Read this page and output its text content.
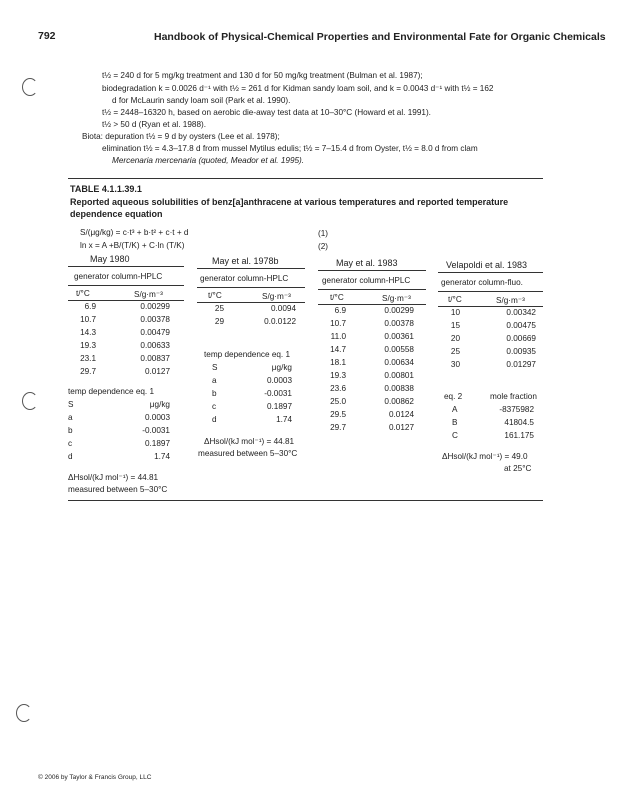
792	Handbook of Physical-Chemical Properties and Environmental Fate for Organic Chemicals
t½ = 240 d for 5 mg/kg treatment and 130 d for 50 mg/kg treatment (Bulman et al. 1987);
biodegradation k = 0.0026 d⁻¹ with t½ = 261 d for Kidman sandy loam soil, and k = 0.0043 d⁻¹ with t½ = 162
d for McLaurin sandy loam soil (Park et al. 1990).
t½ = 2448–16320 h, based on aerobic die-away test data at 10–30°C (Howard et al. 1991).
t½ > 50 d (Ryan et al. 1988).
Biota: depuration t½ = 9 d by oysters (Lee et al. 1978);
elimination t½ = 4.3–17.8 d from mussel Mytilus edulis; t½ = 7–15.4 d from Oyster, t½ = 8.0 d from clam
Mercenaria mercenaria (quoted, Meador et al. 1995).
TABLE 4.1.1.39.1
Reported aqueous solubilities of benz[a]anthracene at various temperatures and reported temperature
dependence equation
S/(μg/kg) = c·t³ + b·t² + c·t + d	(1)
ln x = A +B/(T/K) + C·ln (T/K)	(2)
May 1980	May et al. 1978b	May et al. 1983	Velapoldi et al. 1983
generator column-HPLC	generator column-HPLC	generator column-HPLC	generator column-fluo.
t/°C	S/g·m⁻³	t/°C	S/g·m⁻³	t/°C	S/g·m⁻³	t/°C	S/g·m⁻³
6.9	0.00299
10.7	0.00378
14.3	0.00479
19.3	0.00633
23.1	0.00837
29.7	0.0127
temp dependence eq. 1
S	μg/kg
a	0.0003
b	-0.0031
c	0.1897
d	1.74
ΔHsol/(kJ mol⁻¹) = 44.81
measured between 5–30°C
25	0.0094
29	0.0.0122
temp dependence eq. 1
S	μg/kg
a	0.0003
b	-0.0031
c	0.1897
d	1.74
ΔHsol/(kJ mol⁻¹) = 44.81
measured between 5–30°C
6.9	0.00299
10.7	0.00378
11.0	0.00361
14.7	0.00558
18.1	0.00634
19.3	0.00801
23.6	0.00838
25.0	0.00862
29.5	0.0124
29.7	0.0127
10	0.00342
15	0.00475
20	0.00669
25	0.00935
30	0.01297
eq. 2	mole fraction
A	-8375982
B	41804.5
C	161.175
ΔHsol/(kJ mol⁻¹) = 49.0
at 25°C
© 2006 by Taylor & Francis Group, LLC
